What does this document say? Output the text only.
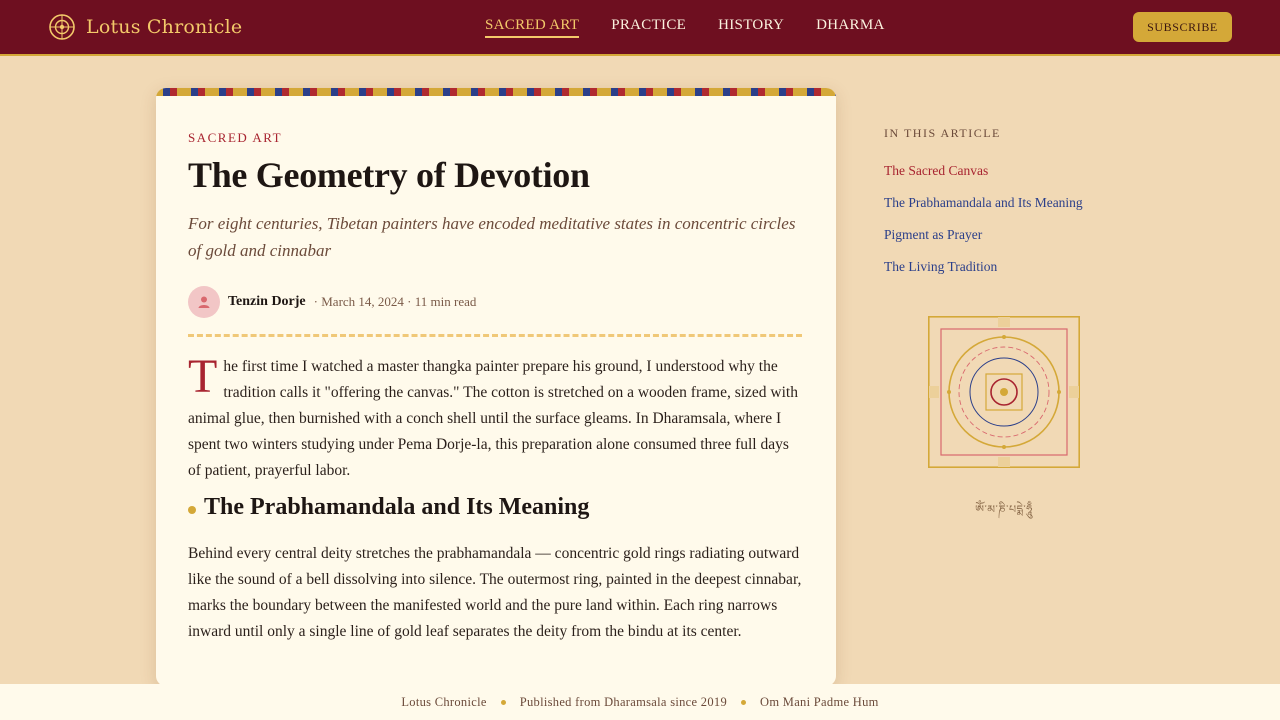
Lotus Chronicle	SACRED ART PRACTICE HISTORY DHARMA	SUBSCRIBE
SACRED ART
The Geometry of Devotion

For eight centuries, Tibetan painters have encoded meditative states in concentric circles of gold and cinnabar

Tenzin Dorje · March 14, 2024 · 11 min read

The first time I watched a master thangka painter prepare his ground, I understood why the tradition calls it "offering the canvas." The cotton is stretched on a wooden frame, sized with animal glue, then burnished with a conch shell until the surface gleams. In Dharamsala, where I spent two winters studying under Pema Dorje-la, this preparation alone consumed three full days of patient, prayerful labor.

The Prabhamandala and Its Meaning

Behind every central deity stretches the prabhamandala — concentric gold rings radiating outward like the sound of a bell dissolving into silence. The outermost ring, painted in the deepest cinnabar, marks the boundary between the manifested world and the pure land within. Each ring narrows inward until only a single line of gold leaf separates the deity from the bindu at its center.

IN THIS ARTICLE
The Sacred Canvas
The Prabhamandala and Its Meaning
Pigment as Prayer
The Living Tradition
ༀ་མ་ཎི་པདྨེ་ཧཱུྃ
Lotus Chronicle	Published from Dharamsala since 2019	Om Mani Padme Hum
